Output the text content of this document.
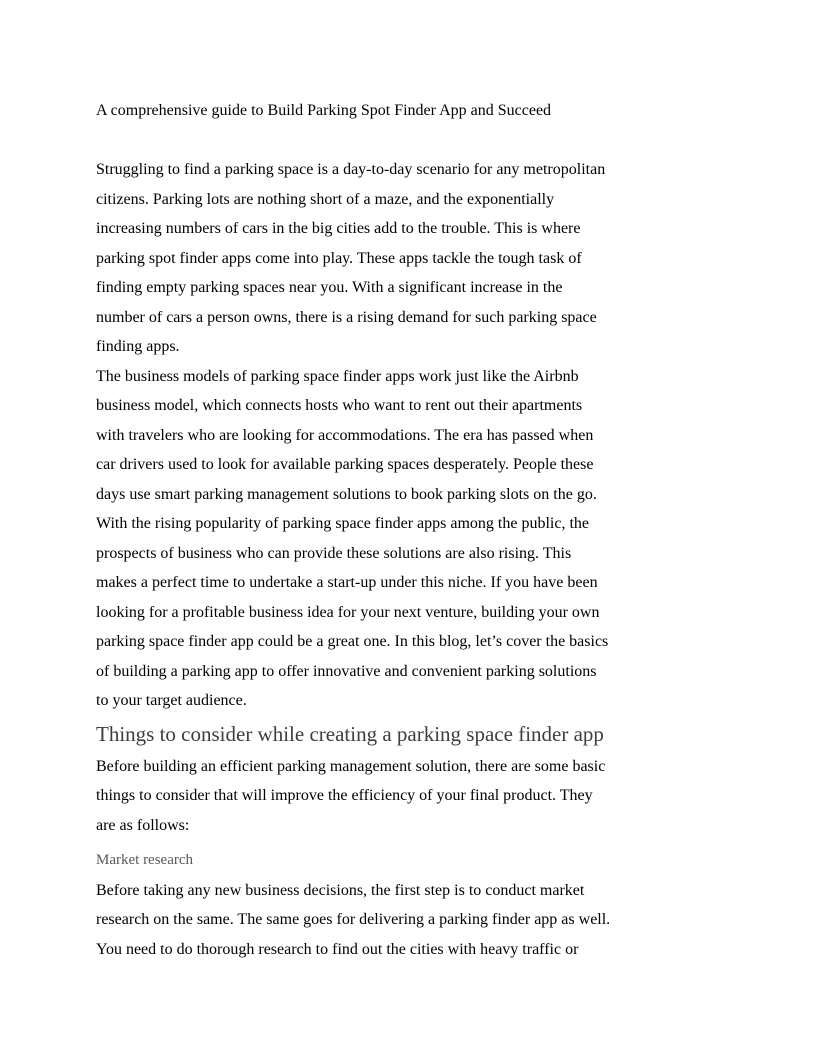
A comprehensive guide to Build Parking Spot Finder App and Succeed
Struggling to find a parking space is a day-to-day scenario for any metropolitan
citizens. Parking lots are nothing short of a maze, and the exponentially
increasing numbers of cars in the big cities add to the trouble. This is where
parking spot finder apps come into play. These apps tackle the tough task of
finding empty parking spaces near you. With a significant increase in the
number of cars a person owns, there is a rising demand for such parking space
finding apps.
The business models of parking space finder apps work just like the Airbnb
business model, which connects hosts who want to rent out their apartments
with travelers who are looking for accommodations. The era has passed when
car drivers used to look for available parking spaces desperately. People these
days use smart parking management solutions to book parking slots on the go.
With the rising popularity of parking space finder apps among the public, the
prospects of business who can provide these solutions are also rising. This
makes a perfect time to undertake a start-up under this niche. If you have been
looking for a profitable business idea for your next venture, building your own
parking space finder app could be a great one. In this blog, let’s cover the basics
of building a parking app to offer innovative and convenient parking solutions
to your target audience.
Things to consider while creating a parking space finder app
Before building an efficient parking management solution, there are some basic
things to consider that will improve the efficiency of your final product. They
are as follows:
Market research
Before taking any new business decisions, the first step is to conduct market
research on the same. The same goes for delivering a parking finder app as well.
You need to do thorough research to find out the cities with heavy traffic or
